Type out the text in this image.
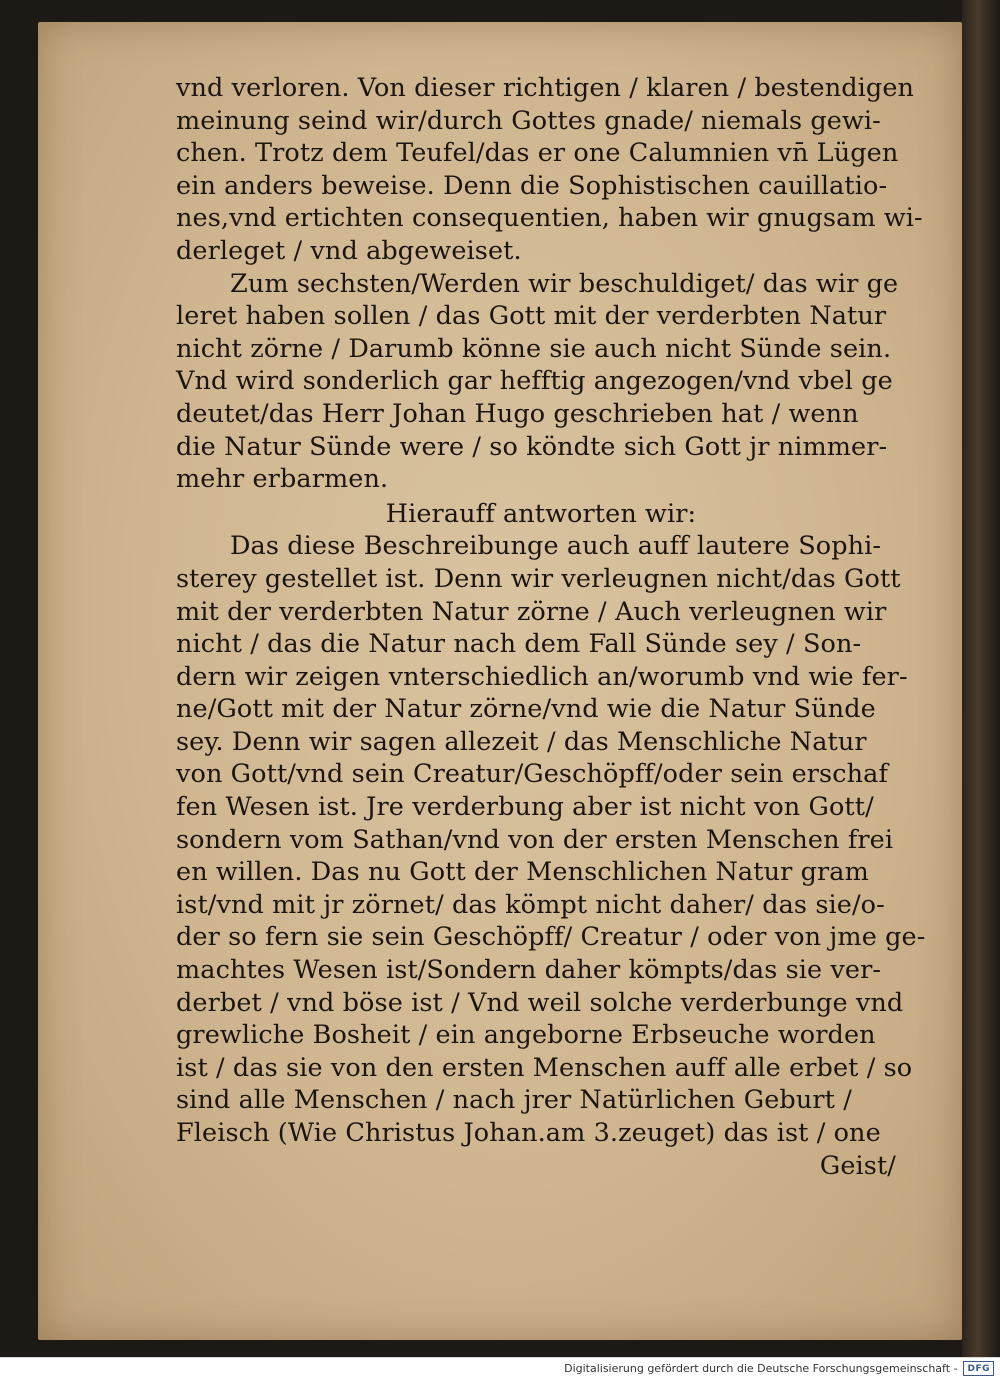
vnd verloren. Von dieser richtigen / klaren / bestendigen
meinung seind wir/durch Gottes gnade/ niemals gewi-
chen. Trotz dem Teufel/das er one Calumnien vn̄ Lügen
ein anders beweise. Denn die Sophistischen cauillatio-
nes,vnd ertichten consequentien, haben wir gnugsam wi-
derleget / vnd abgeweiset.
Zum sechsten/Werden wir beschuldiget/ das wir ge
leret haben sollen / das Gott mit der verderbten Natur
nicht zörne / Darumb könne sie auch nicht Sünde sein.
Vnd wird sonderlich gar hefftig angezogen/vnd vbel ge
deutet/das Herr Johan Hugo geschrieben hat / wenn
die Natur Sünde were / so köndte sich Gott jr nimmer-
mehr erbarmen.
Hierauff antworten wir:
Das diese Beschreibunge auch auff lautere Sophi-
sterey gestellet ist. Denn wir verleugnen nicht/das Gott
mit der verderbten Natur zörne / Auch verleugnen wir
nicht / das die Natur nach dem Fall Sünde sey / Son-
dern wir zeigen vnterschiedlich an/worumb vnd wie fer-
ne/Gott mit der Natur zörne/vnd wie die Natur Sünde
sey. Denn wir sagen allezeit / das Menschliche Natur
von Gott/vnd sein Creatur/Geschöpff/oder sein erschaf
fen Wesen ist. Jre verderbung aber ist nicht von Gott/
sondern vom Sathan/vnd von der ersten Menschen frei
en willen. Das nu Gott der Menschlichen Natur gram
ist/vnd mit jr zörnet/ das kömpt nicht daher/ das sie/o-
der so fern sie sein Geschöpff/ Creatur / oder von jme ge-
machtes Wesen ist/Sondern daher kömpts/das sie ver-
derbet / vnd böse ist / Vnd weil solche verderbunge vnd
grewliche Bosheit / ein angeborne Erbseuche worden
ist / das sie von den ersten Menschen auff alle erbet / so
sind alle Menschen / nach jrer Natürlichen Geburt /
Fleisch (Wie Christus Johan.am 3.zeuget) das ist / one
Geist/
Digitalisierung gefördert durch die Deutsche Forschungsgemeinschaft -	DFG
